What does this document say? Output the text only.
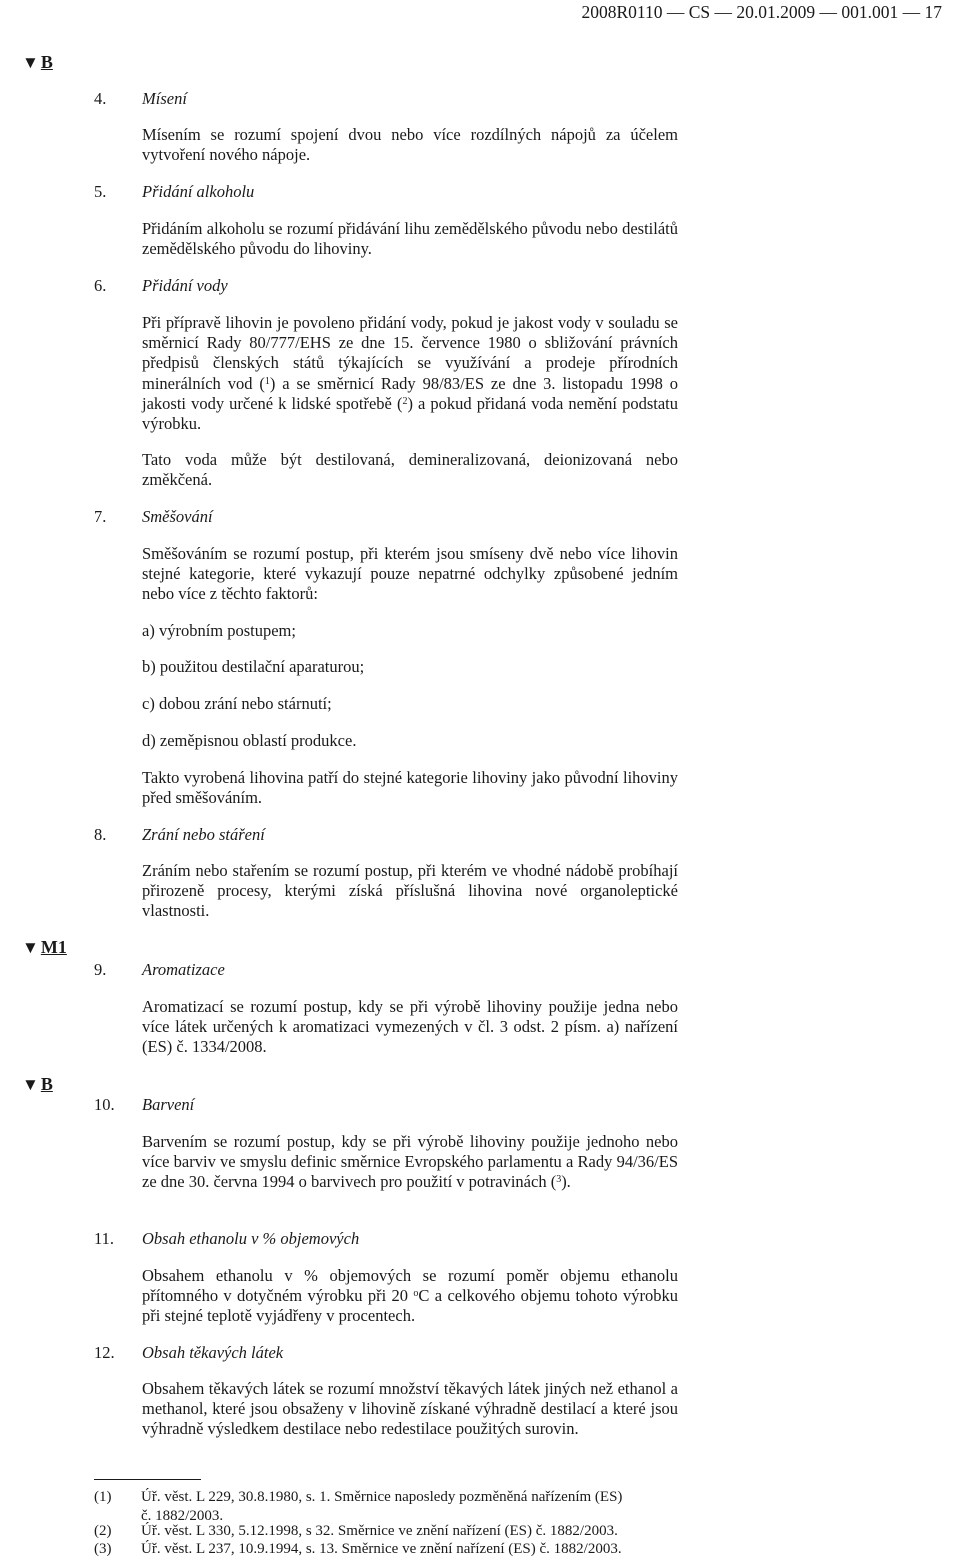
2008R0110 — CS — 20.01.2009 — 001.001 — 17
▼ B
▼ M1
▼ B
4. Mísení
Mísením se rozumí spojení dvou nebo více rozdílných nápojů za účelem vytvoření nového nápoje.
5. Přidání alkoholu
Přidáním alkoholu se rozumí přidávání lihu zemědělského původu nebo destilátů zemědělského původu do lihoviny.
6. Přidání vody
Při přípravě lihovin je povoleno přidání vody, pokud je jakost vody v souladu se směrnicí Rady 80/777/EHS ze dne 15. července 1980 o sbližování právních předpisů členských států týkajících se využívání a prodeje přírodních minerálních vod ($^1$) a se směrnicí Rady 98/83/ES ze dne 3. listopadu 1998 o jakosti vody určené k lidské spotřebě ($^2$) a pokud přidaná voda nemění podstatu výrobku.
Tato voda může být destilovaná, demineralizovaná, deionizovaná nebo změkčená.
7. Směšování
Směšováním se rozumí postup, při kterém jsou smíseny dvě nebo více lihovin stejné kategorie, které vykazují pouze nepatrné odchylky způsobené jedním nebo více z těchto faktorů:
a) výrobním postupem;
b) použitou destilační aparaturou;
c) dobou zrání nebo stárnutí;
d) zeměpisnou oblastí produkce.
Takto vyrobená lihovina patří do stejné kategorie lihoviny jako původní lihoviny před směšováním.
8. Zrání nebo stáření
Zráním nebo stařením se rozumí postup, při kterém ve vhodné nádobě probíhají přirozeně procesy, kterými získá příslušná lihovina nové organoleptické vlastnosti.
9. Aromatizace
Aromatizací se rozumí postup, kdy se při výrobě lihoviny použije jedna nebo více látek určených k aromatizaci vymezených v čl. 3 odst. 2 písm. a) nařízení (ES) č. 1334/2008.
10. Barvení
Barvením se rozumí postup, kdy se při výrobě lihoviny použije jednoho nebo více barviv ve smyslu definic směrnice Evropského parlamentu a Rady 94/36/ES ze dne 30. června 1994 o barvivech pro použití v potravinách ($^3$).
11. Obsah ethanolu v % objemových
Obsahem ethanolu v % objemových se rozumí poměr objemu ethanolu přítomného v dotyčném výrobku při 20 $^o$C a celkového objemu tohoto výrobku při stejné teplotě vyjádřeny v procentech.
12. Obsah těkavých látek
Obsahem těkavých látek se rozumí množství těkavých látek jiných než ethanol a methanol, které jsou obsaženy v lihovině získané výhradně destilací a které jsou výhradně výsledkem destilace nebo redestilace použitých surovin.
(1) Úř. věst. L 229, 30.8.1980, s. 1. Směrnice naposledy pozměněná nařízením (ES)
č. 1882/2003.
(2) Úř. věst. L 330, 5.12.1998, s 32. Směrnice ve znění nařízení (ES) č. 1882/2003.
(3) Úř. věst. L 237, 10.9.1994, s. 13. Směrnice ve znění nařízení (ES) č. 1882/2003.
